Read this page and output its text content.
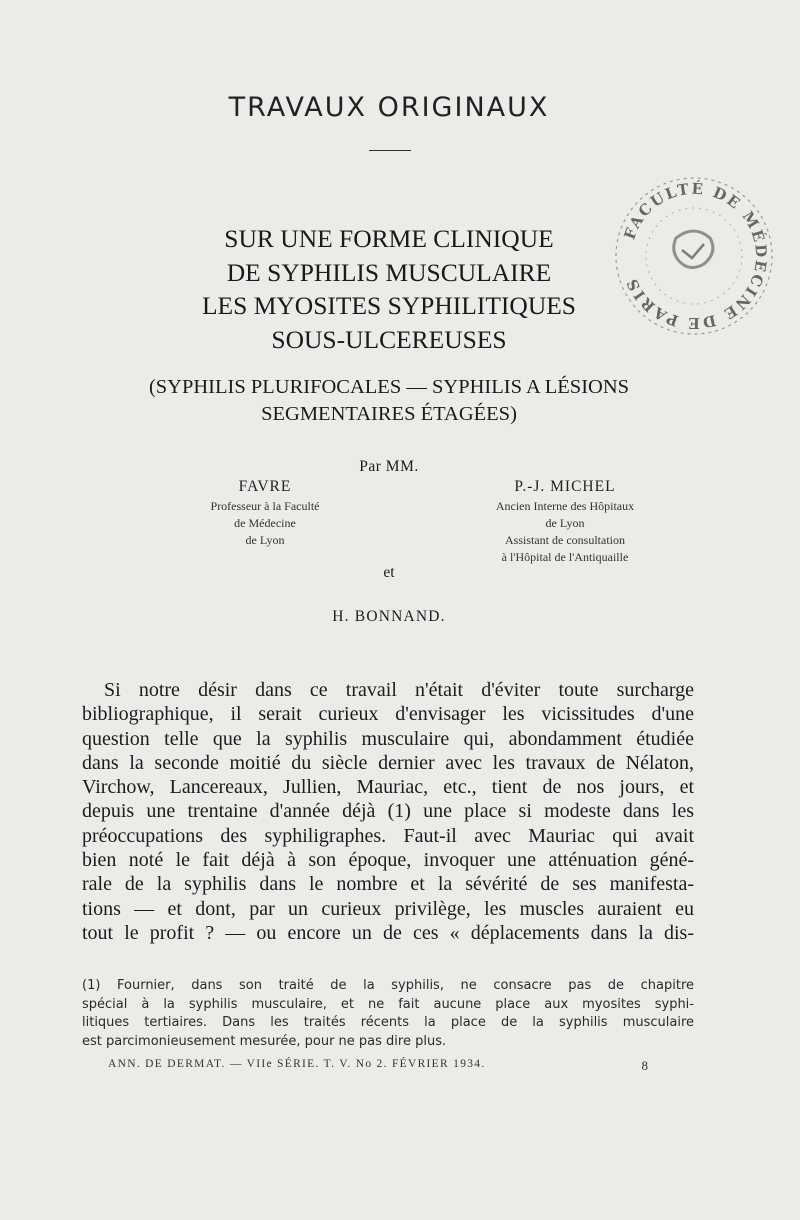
TRAVAUX ORIGINAUX
FACULTÉ DE MÉDECINE DE PARIS
SUR UNE FORME CLINIQUE
DE SYPHILIS MUSCULAIRE
LES MYOSITES SYPHILITIQUES
SOUS-ULCEREUSES
(SYPHILIS PLURIFOCALES — SYPHILIS A LÉSIONS
SEGMENTAIRES ÉTAGÉES)
Par MM.
FAVRE
Professeur à la Faculté
de Médecine
de Lyon
P.-J. MICHEL
Ancien Interne des Hôpitaux
de Lyon
Assistant de consultation
à l'Hôpital de l'Antiquaille
et
H. BONNAND.
Si notre désir dans ce travail n'était d'éviter toute surcharge
bibliographique, il serait curieux d'envisager les vicissitudes d'une
question telle que la syphilis musculaire qui, abondamment étudiée
dans la seconde moitié du siècle dernier avec les travaux de Nélaton,
Virchow, Lancereaux, Jullien, Mauriac, etc., tient de nos jours, et
depuis une trentaine d'année déjà (1) une place si modeste dans les
préoccupations des syphiligraphes. Faut-il avec Mauriac qui avait
bien noté le fait déjà à son époque, invoquer une atténuation géné-
rale de la syphilis dans le nombre et la sévérité de ses manifesta-
tions — et dont, par un curieux privilège, les muscles auraient eu
tout le profit ? — ou encore un de ces « déplacements dans la dis-
(1) Fournier, dans son traité de la syphilis, ne consacre pas de chapitre
spécial à la syphilis musculaire, et ne fait aucune place aux myosites syphi-
litiques tertiaires. Dans les traités récents la place de la syphilis musculaire
est parcimonieusement mesurée, pour ne pas dire plus.
ANN. DE DERMAT. — VIIe SÉRIE. T. V. No 2. FÉVRIER 1934.	8
